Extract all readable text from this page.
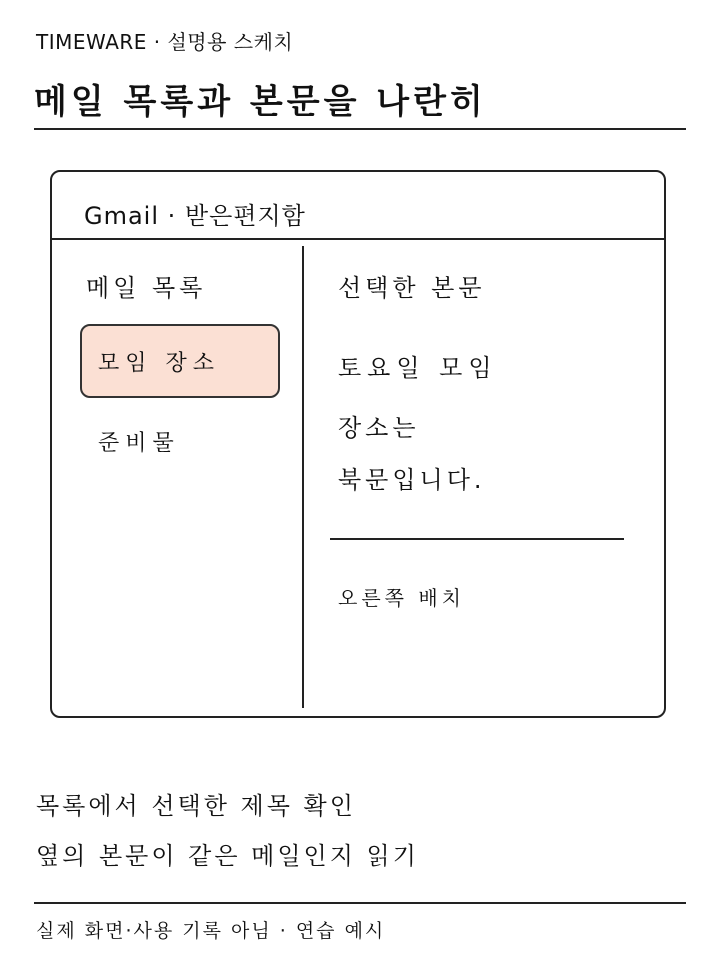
TIMEWARE · 설명용 스케치
메일 목록과 본문을 나란히
Gmail · 받은편지함
메일 목록
모임 장소
준비물
선택한 본문
토요일 모임
장소는
북문입니다.
오른쪽 배치
목록에서 선택한 제목 확인
옆의 본문이 같은 메일인지 읽기
실제 화면·사용 기록 아님 · 연습 예시
